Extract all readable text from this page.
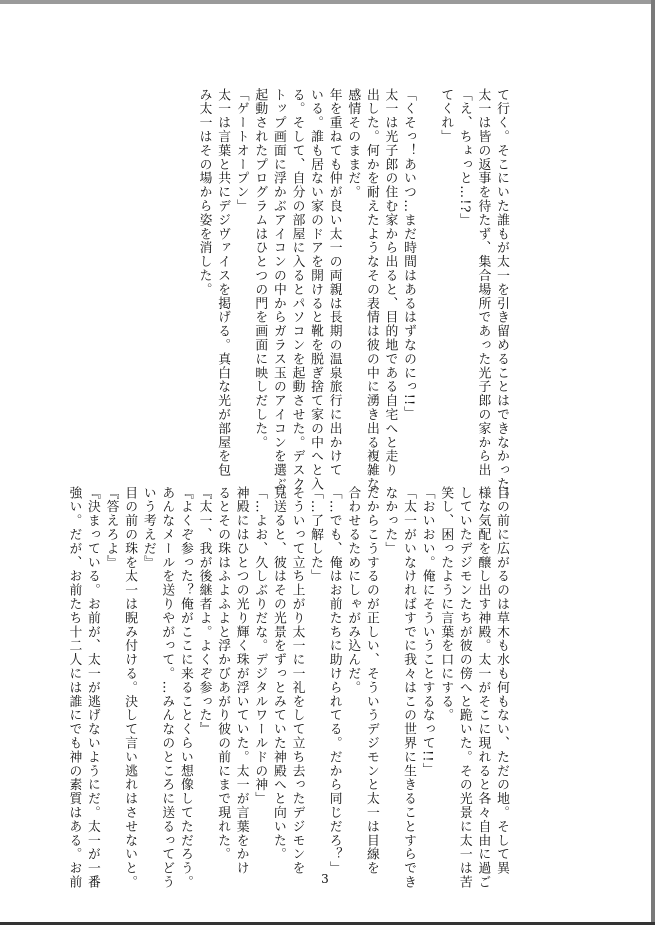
て行く。そこにいた誰もが太一を引き留めることはできなかった。

太一は皆の返事を待たず、集合場所であった光子郎の家から出

「え、ちょっと…!?」

てくれ」

「くそっ！あいつ…まだ時間はあるはずなのにっ!!」

太一は光子郎の住む家から出ると、目的地である自宅へと走り

出した。何かを耐えたようなその表情は彼の中に湧き出る複雑な

感情そのままだ。

年を重ねても仲が良い太一の両親は長期の温泉旅行に出かけて

いる。誰も居ない家のドアを開けると靴を脱ぎ捨て家の中へと入

る。そして、自分の部屋に入るとパソコンを起動させた。デスク

トップ画面に浮かぶアイコンの中からガラス玉のアイコンを選ぶ。

起動されたプログラムはひとつの門を画面に映しだした。

「ゲートオープン」

太一は言葉と共にデジヴァイスを掲げる。真白な光が部屋を包

み太一はその場から姿を消した。

目の前に広がるのは草木も水も何もない、ただの地。そして異

様な気配を醸し出す神殿。太一がそこに現れると各々自由に過ご

していたデジモンたちが彼の傍へと跪いた。その光景に太一は苦

笑し、困ったように言葉を口にする。

「おいおい。俺にそういうことするなって!!」

「太一がいなければすでに我々はこの世界に生きることすらでき

なかった」

だからこうするのが正しい、そういうデジモンと太一は目線を

合わせるためにしゃがみ込んだ。

「…でも、俺はお前たちに助けられてる。だから同じだろ？」

「…了解した」

そういって立ち上がり太一に一礼をして立ち去ったデジモンを

見送ると、彼はその光景をずっとみていた神殿へと向いた。

「…よお、久しぶりだな。デジタルワールドの神」

神殿にはひとつの光り輝く珠が浮いていた。太一が言葉をかけ

るとその珠はふよふよと浮かびあがり彼の前にまで現れた。

『太一、我が後継者よ。よくぞ参った』

『よくぞ参った？俺がここに来ることくらい想像してただろう。

あんなメールを送りやがって。…みんなのところに送るってどう

いう考えだ』

目の前の珠を太一は睨み付ける。決して言い逃れはさせないと。

『答えろよ』

『決まっている。お前が、太一が逃げないようにだ。太一が一番

強い。だが、お前たち十二人には誰にでも神の素質はある。お前	3
